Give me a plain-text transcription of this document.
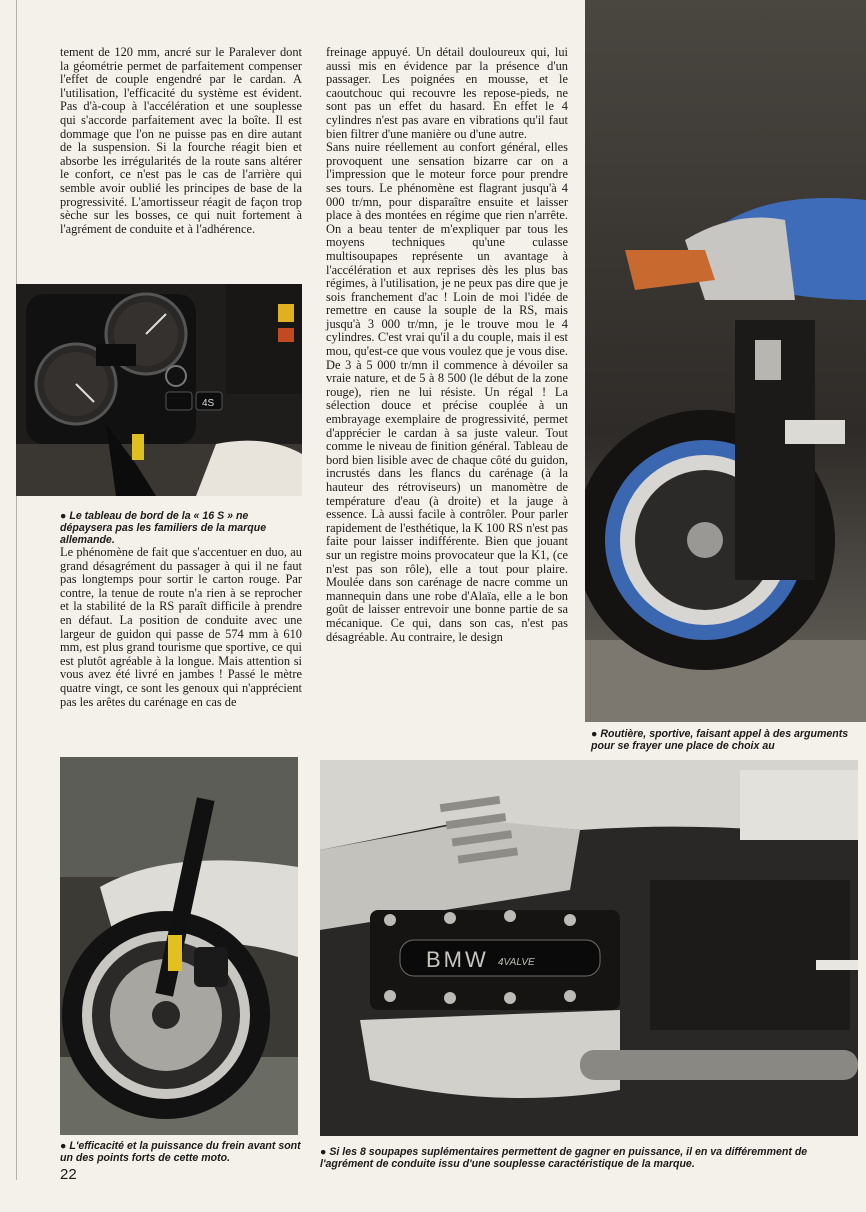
tement de 120 mm, ancré sur le Paralever dont la géométrie permet de parfaitement compenser l'effet de couple engendré par le cardan. A l'utilisation, l'efficacité du système est évident. Pas d'à-coup à l'accélération et une souplesse qui s'accorde parfaitement avec la boîte. Il est dommage que l'on ne puisse pas en dire autant de la suspension. Si la fourche réagit bien et absorbe les irrégularités de la route sans altérer le confort, ce n'est pas le cas de l'arrière qui semble avoir oublié les principes de base de la progressivité. L'amortisseur réagit de façon trop sèche sur les bosses, ce qui nuit fortement à l'agrément de conduite et à l'adhérence.

4S
● Le tableau de bord de la « 16 S » ne dépaysera pas les familiers de la marque allemande.

Le phénomène de fait que s'accentuer en duo, au grand désagrément du passager à qui il ne faut pas longtemps pour sortir le carton rouge. Par contre, la tenue de route n'a rien à se reprocher et la stabilité de la RS paraît difficile à prendre en défaut. La position de conduite avec une largeur de guidon qui passe de 574 mm à 610 mm, est plus grand tourisme que sportive, ce qui est plutôt agréable à la longue. Mais attention si vous avez été livré en jambes ! Passé le mètre quatre vingt, ce sont les genoux qui n'apprécient pas les arêtes du carénage en cas de

freinage appuyé. Un détail douloureux qui, lui aussi mis en évidence par la présence d'un passager. Les poignées en mousse, et le caoutchouc qui recouvre les repose-pieds, ne sont pas un effet du hasard. En effet le 4 cylindres n'est pas avare en vibrations qu'il faut bien filtrer d'une manière ou d'une autre.
Sans nuire réellement au confort général, elles provoquent une sensation bizarre car on a l'impression que le moteur force pour prendre ses tours. Le phénomène est flagrant jusqu'à 4 000 tr/mn, pour disparaître ensuite et laisser place à des montées en régime que rien n'arrête. On a beau tenter de m'expliquer par tous les moyens techniques qu'une culasse multisoupapes représente un avantage à l'accélération et aux reprises dès les plus bas régimes, à l'utilisation, je ne peux pas dire que je sois franchement d'ac ! Loin de moi l'idée de remettre en cause la souple de la RS, mais jusqu'à 3 000 tr/mn, je le trouve mou le 4 cylindres. C'est vrai qu'il a du couple, mais il est mou, qu'est-ce que vous voulez que je vous dise. De 3 à 5 000 tr/mn il commence à dévoiler sa vraie nature, et de 5 à 8 500 (le début de la zone rouge), rien ne lui résiste. Un régal ! La sélection douce et précise couplée à un embrayage exemplaire de progressivité, permet d'apprécier le cardan à sa juste valeur. Tout comme le niveau de finition général. Tableau de bord bien lisible avec de chaque côté du guidon, incrustés dans les flancs du carénage (à la hauteur des rétroviseurs) un manomètre de température d'eau (à droite) et la jauge à essence. Là aussi facile à contrôler. Pour parler rapidement de l'esthétique, la K 100 RS n'est pas faite pour laisser indifférente. Bien que jouant sur un registre moins provocateur que la K1, (ce n'est pas son rôle), elle a tout pour plaire. Moulée dans son carénage de nacre comme un mannequin dans une robe d'Alaïa, elle a le bon goût de laisser entrevoir une bonne partie de sa mécanique. Ce qui, dans son cas, n'est pas désagréable. Au contraire, le design

● Routière, sportive, faisant appel à des arguments pour se frayer une place de choix au
● L'efficacité et la puissance du frein avant sont un des points forts de cette moto.
BMW 4VALVE
● Si les 8 soupapes suplémentaires permettent de gagner en puissance, il en va différemment de l'agrément de conduite issu d'une souplesse caractéristique de la marque.
22
